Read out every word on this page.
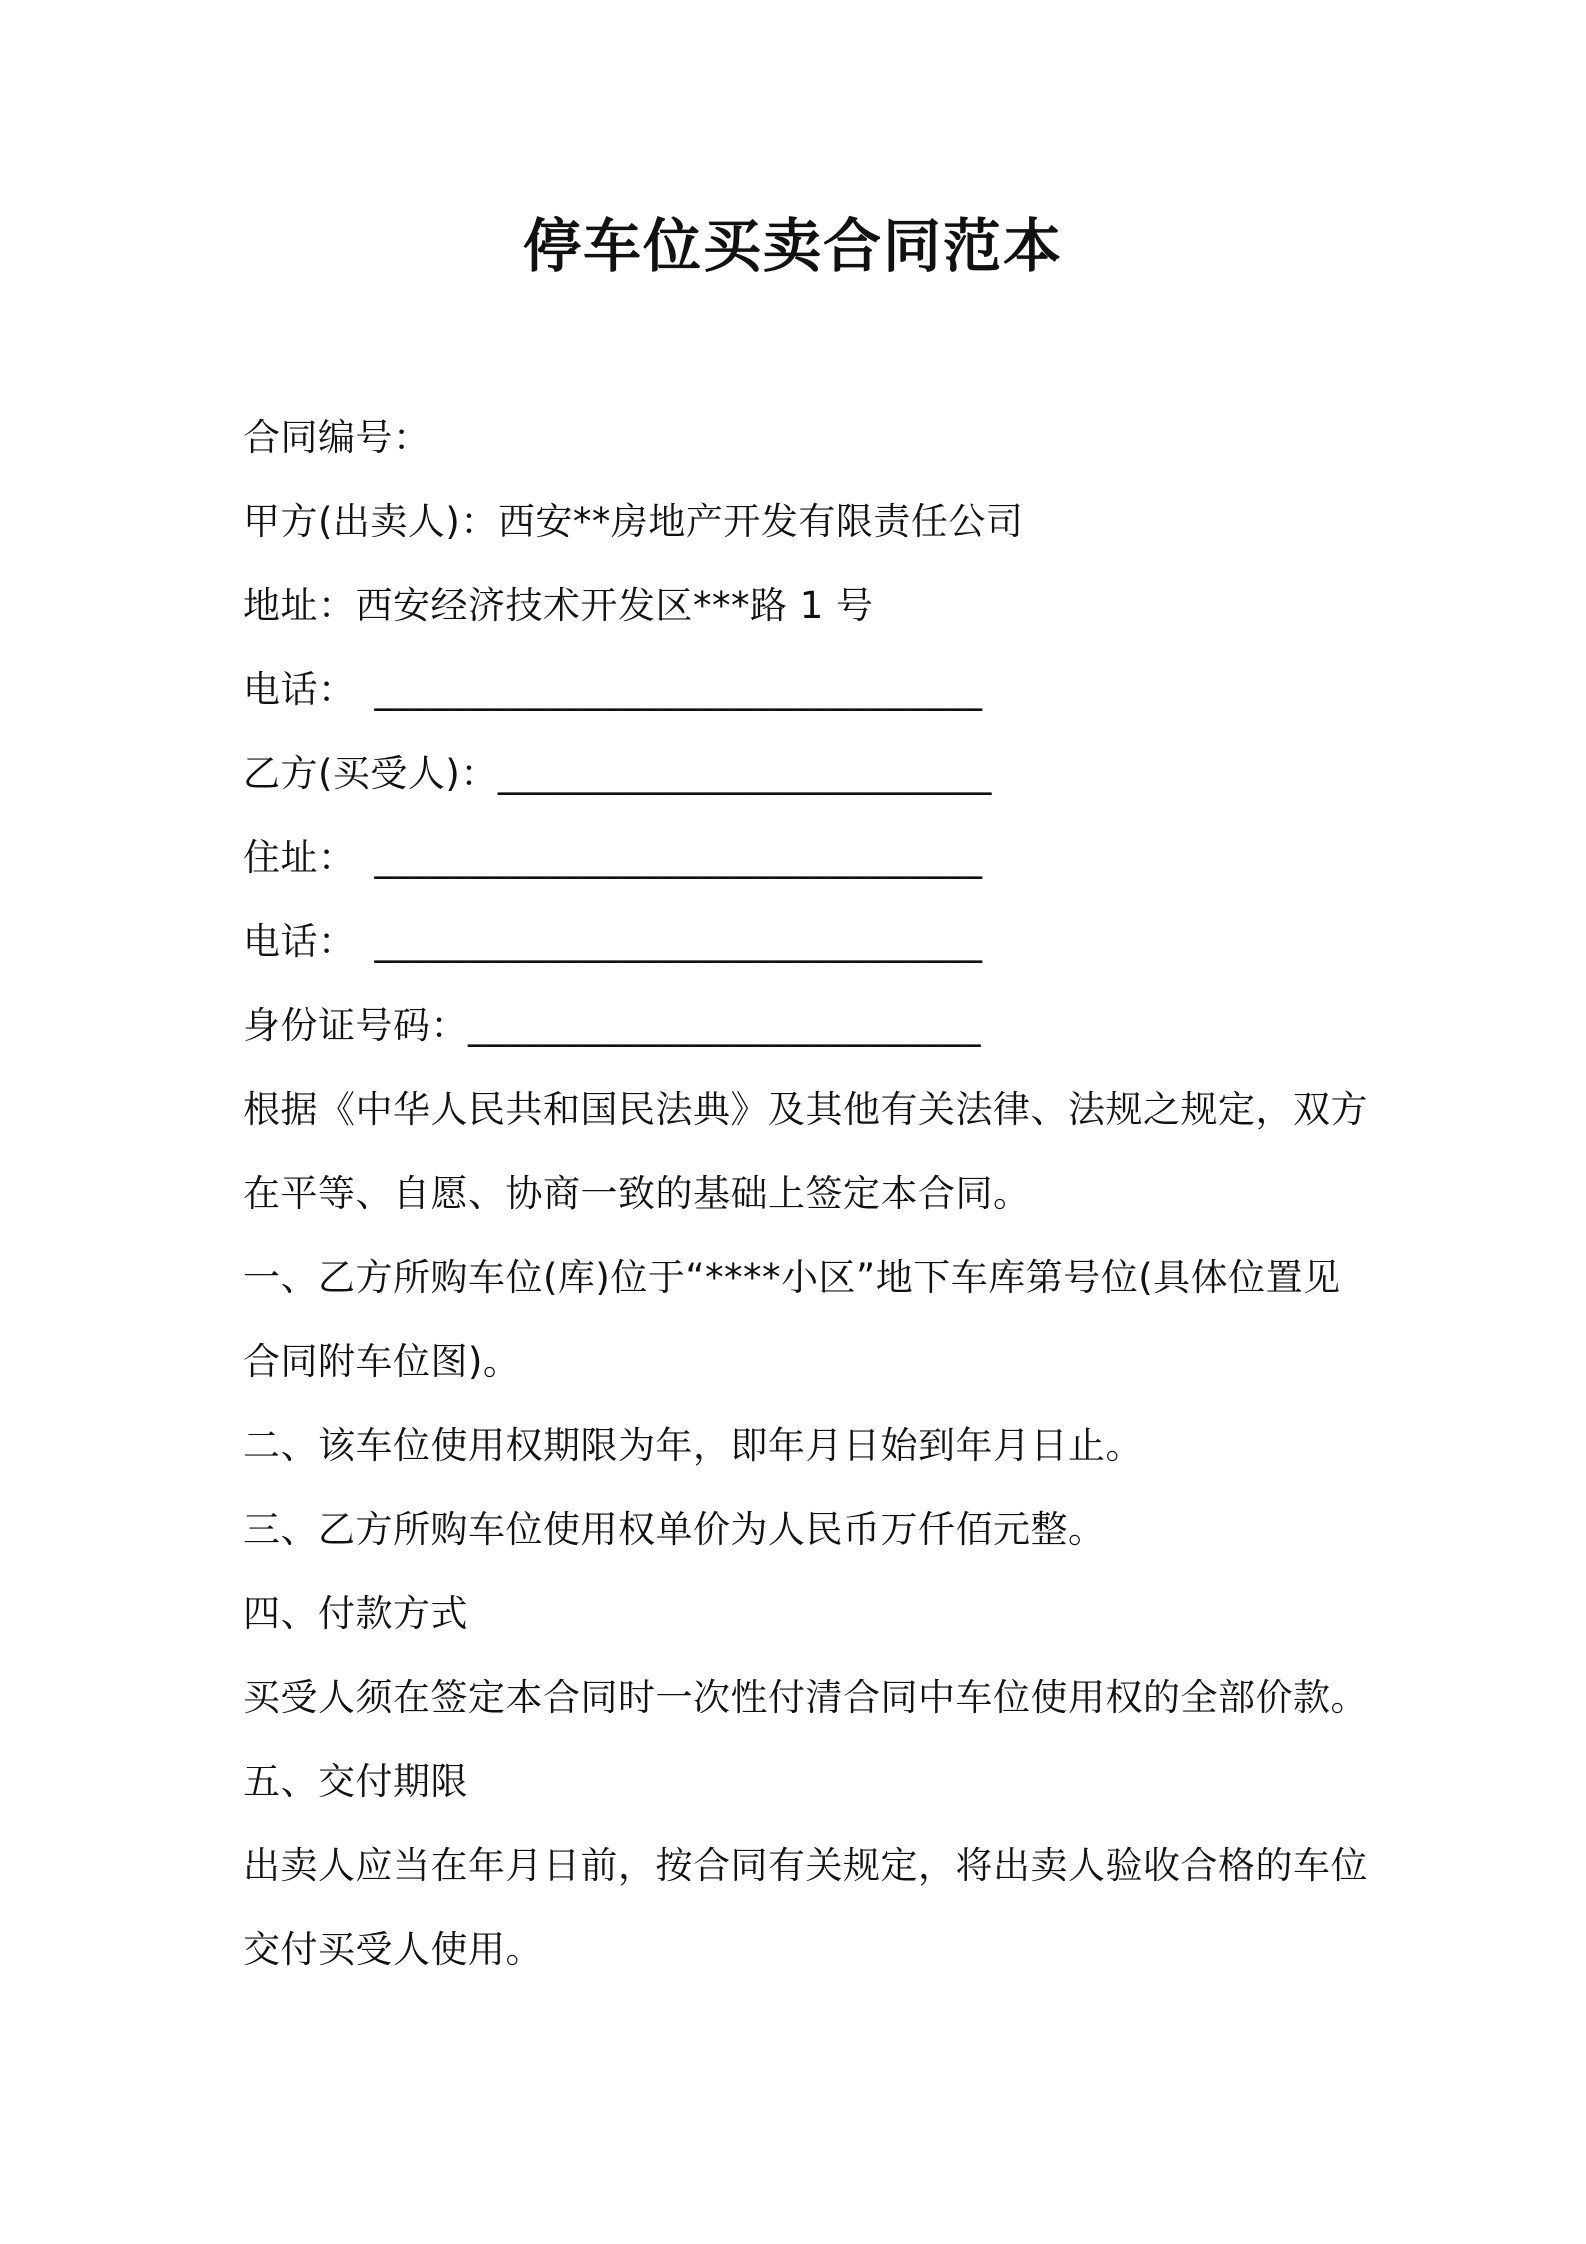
停车位买卖合同范本
合同编号：
甲方(出卖人)：西安**房地产开发有限责任公司
地址：西安经济技术开发区***路 1 号
电话：　________________________________
乙方(买受人)：__________________________
住址：　________________________________
电话：　________________________________
身份证号码：___________________________
根据《中华人民共和国民法典》及其他有关法律、法规之规定，双方
在平等、自愿、协商一致的基础上签定本合同。
一、乙方所购车位(库)位于“****小区”地下车库第号位(具体位置见
合同附车位图)。
二、该车位使用权期限为年，即年月日始到年月日止。
三、乙方所购车位使用权单价为人民币万仟佰元整。
四、付款方式
买受人须在签定本合同时一次性付清合同中车位使用权的全部价款。
五、交付期限
出卖人应当在年月日前，按合同有关规定，将出卖人验收合格的车位
交付买受人使用。
